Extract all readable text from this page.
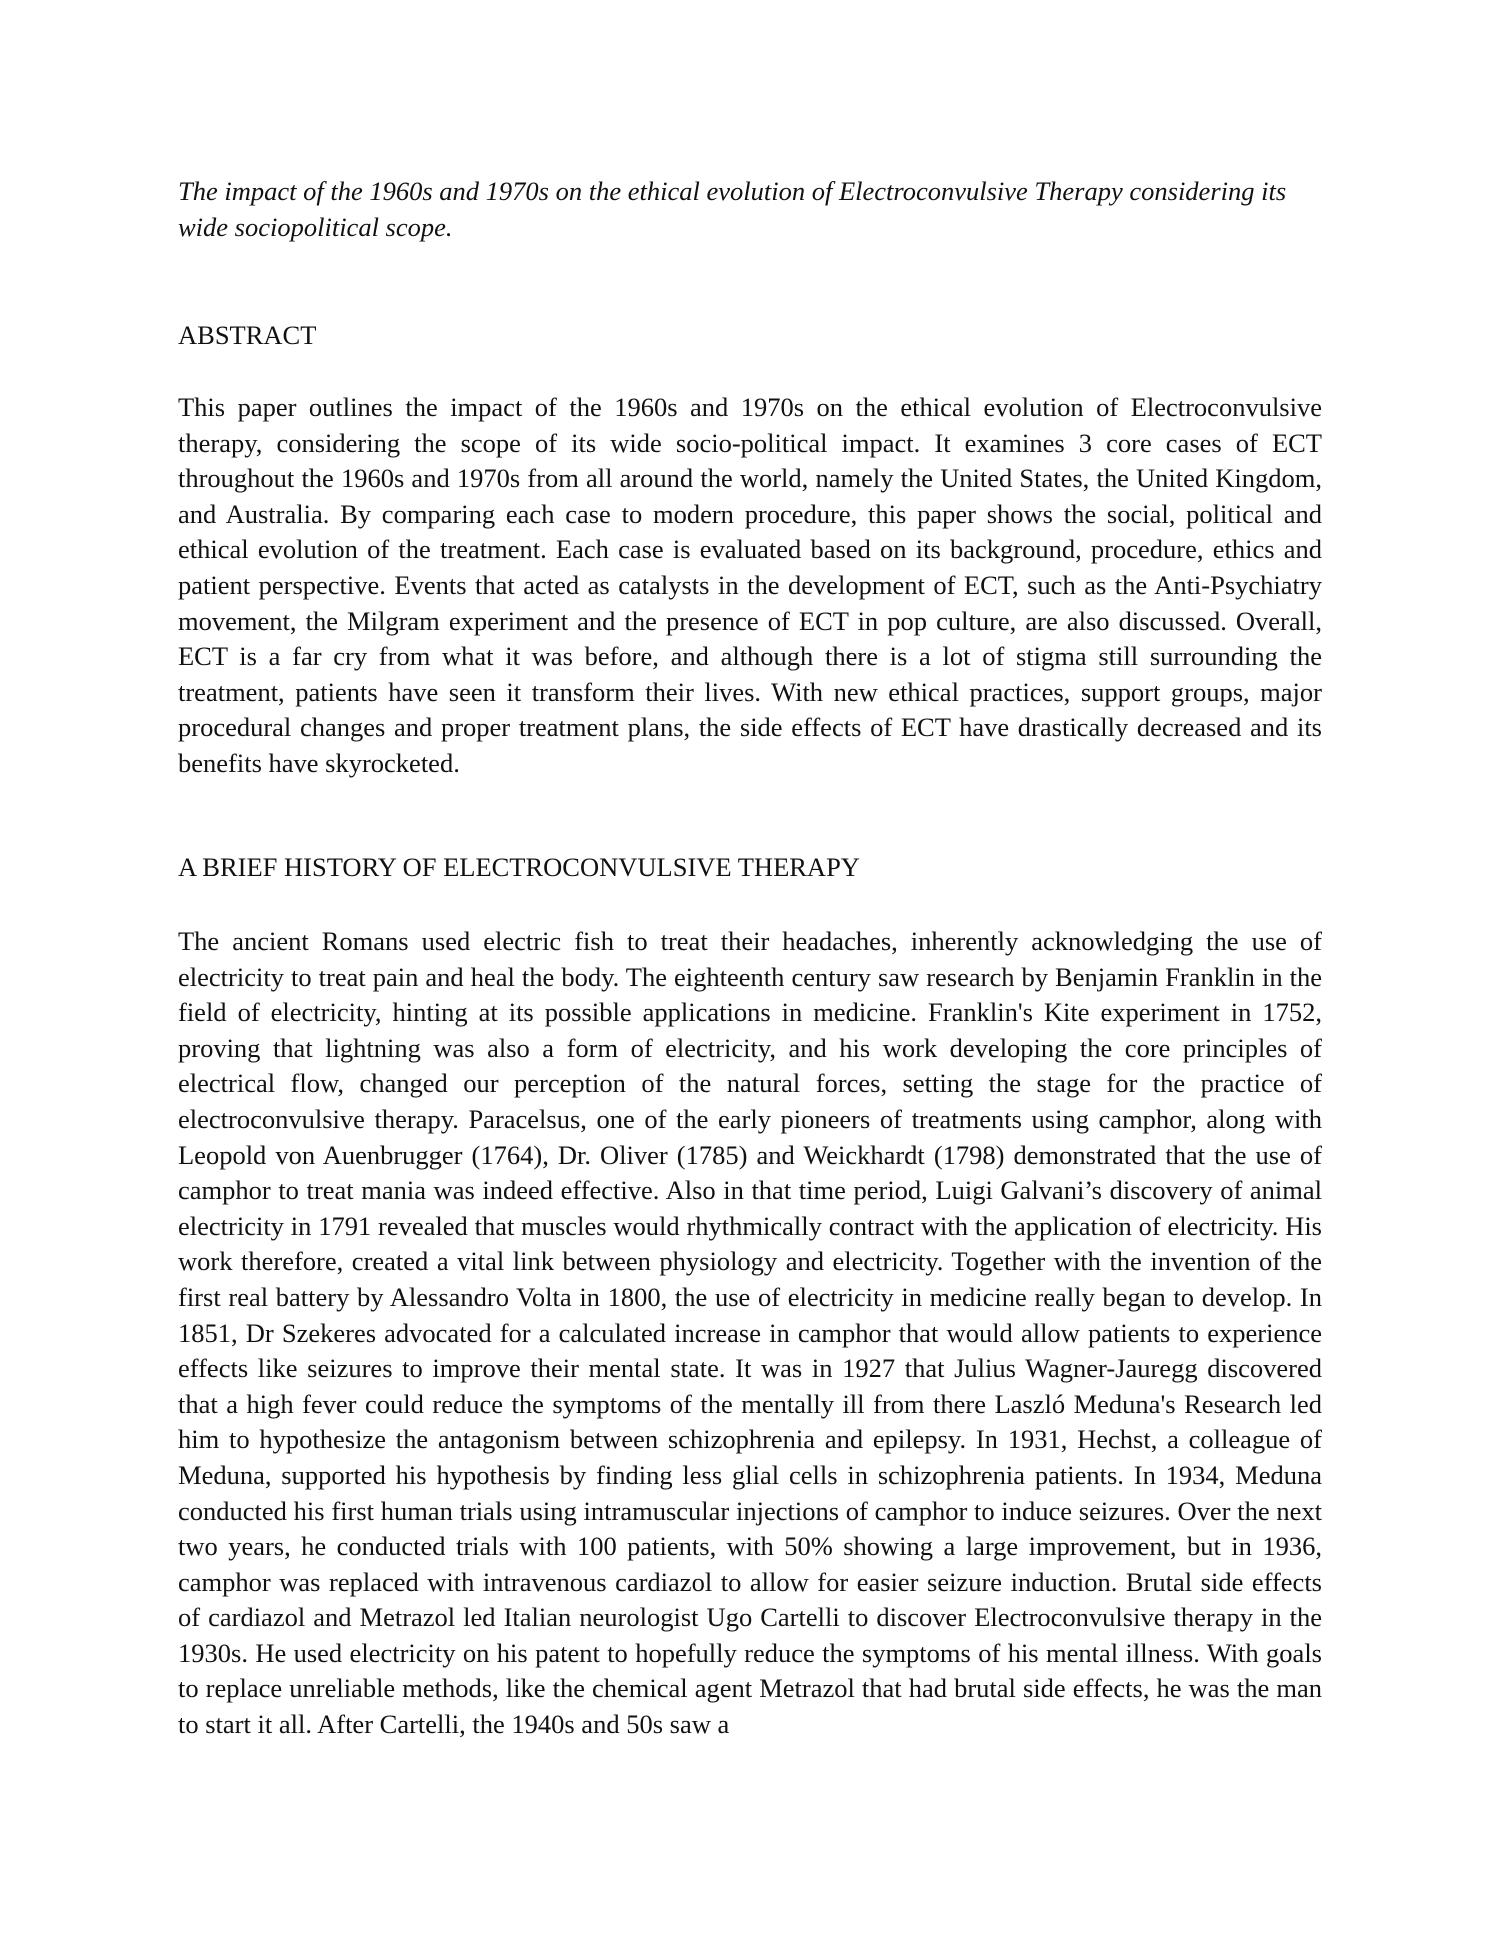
The impact of the 1960s and 1970s on the ethical evolution of Electroconvulsive Therapy considering its wide sociopolitical scope.

ABSTRACT

This paper outlines the impact of the 1960s and 1970s on the ethical evolution of Electroconvulsive therapy, considering the scope of its wide socio-political impact. It examines 3 core cases of ECT throughout the 1960s and 1970s from all around the world, namely the United States, the United Kingdom, and Australia. By comparing each case to modern procedure, this paper shows the social, political and ethical evolution of the treatment. Each case is evaluated based on its background, procedure, ethics and patient perspective. Events that acted as catalysts in the development of ECT, such as the Anti-Psychiatry movement, the Milgram experiment and the presence of ECT in pop culture, are also discussed. Overall, ECT is a far cry from what it was before, and although there is a lot of stigma still surrounding the treatment, patients have seen it transform their lives. With new ethical practices, support groups, major procedural changes and proper treatment plans, the side effects of ECT have drastically decreased and its benefits have skyrocketed.

A BRIEF HISTORY OF ELECTROCONVULSIVE THERAPY

The ancient Romans used electric fish to treat their headaches, inherently acknowledging the use of electricity to treat pain and heal the body. The eighteenth century saw research by Benjamin Franklin in the field of electricity, hinting at its possible applications in medicine. Franklin's Kite experiment in 1752, proving that lightning was also a form of electricity, and his work developing the core principles of electrical flow, changed our perception of the natural forces, setting the stage for the practice of electroconvulsive therapy. Paracelsus, one of the early pioneers of treatments using camphor, along with Leopold von Auenbrugger (1764), Dr. Oliver (1785) and Weickhardt (1798) demonstrated that the use of camphor to treat mania was indeed effective. Also in that time period, Luigi Galvani’s discovery of animal electricity in 1791 revealed that muscles would rhythmically contract with the application of electricity. His work therefore, created a vital link between physiology and electricity. Together with the invention of the first real battery by Alessandro Volta in 1800, the use of electricity in medicine really began to develop. In 1851, Dr Szekeres advocated for a calculated increase in camphor that would allow patients to experience effects like seizures to improve their mental state. It was in 1927 that Julius Wagner-Jauregg discovered that a high fever could reduce the symptoms of the mentally ill from there Laszló Meduna's Research led him to hypothesize the antagonism between schizophrenia and epilepsy. In 1931, Hechst, a colleague of Meduna, supported his hypothesis by finding less glial cells in schizophrenia patients. In 1934, Meduna conducted his first human trials using intramuscular injections of camphor to induce seizures. Over the next two years, he conducted trials with 100 patients, with 50% showing a large improvement, but in 1936, camphor was replaced with intravenous cardiazol to allow for easier seizure induction. Brutal side effects of cardiazol and Metrazol led Italian neurologist Ugo Cartelli to discover Electroconvulsive therapy in the 1930s. He used electricity on his patent to hopefully reduce the symptoms of his mental illness. With goals to replace unreliable methods, like the chemical agent Metrazol that had brutal side effects, he was the man to start it all. After Cartelli, the 1940s and 50s saw a
